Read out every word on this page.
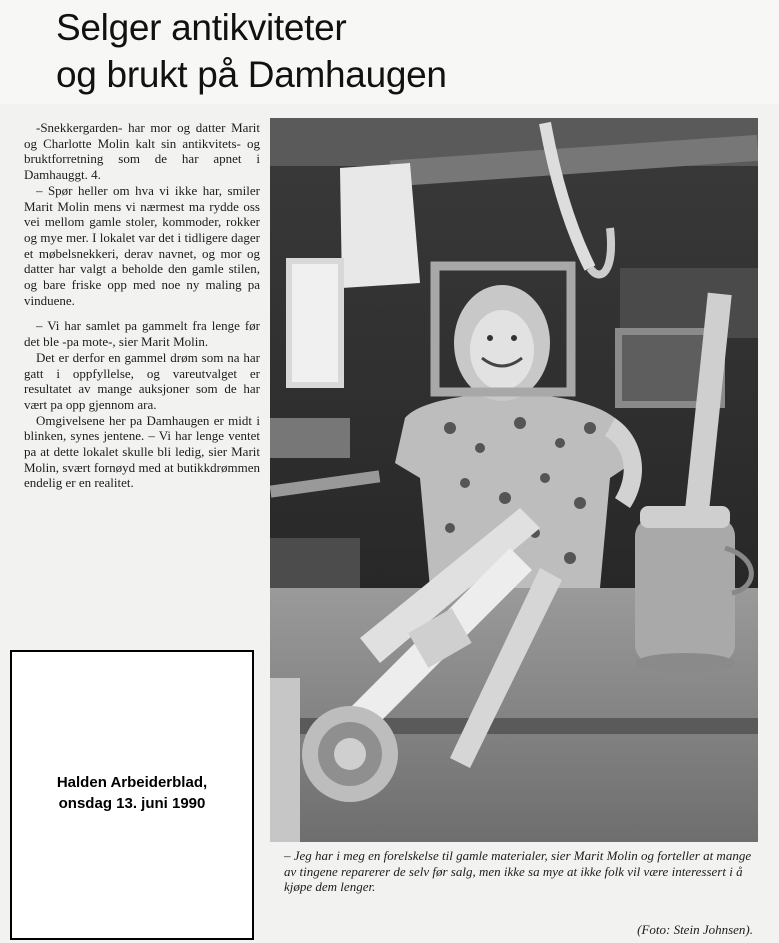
Selger antikviteter
og brukt på Damhaugen

-Snekkergarden- har mor og datter Marit og Charlotte Molin kalt sin antikvitets- og bruktforretning som de har apnet i Damhauggt. 4.

– Spør heller om hva vi ikke har, smiler Marit Molin mens vi nærmest ma rydde oss vei mellom gamle stoler, kommoder, rokker og mye mer. I lokalet var det i tidligere dager et møbelsnekkeri, derav navnet, og mor og datter har valgt a beholde den gamle stilen, og bare friske opp med noe ny maling pa vinduene.

– Vi har samlet pa gammelt fra lenge før det ble -pa mote-, sier Marit Molin.

Det er derfor en gammel drøm som na har gatt i oppfyllelse, og vareutvalget er resultatet av mange auksjoner som de har vært pa opp gjennom ara.

Omgivelsene her pa Damhaugen er midt i blinken, synes jentene. – Vi har lenge ventet pa at dette lokalet skulle bli ledig, sier Marit Molin, svært fornøyd med at butikkdrømmen endelig er en realitet.

– Jeg har i meg en forelskelse til gamle materialer, sier Marit Molin og forteller at mange av tingene reparerer de selv før salg, men ikke sa mye at ikke folk vil være interessert i å kjøpe dem lenger.
(Foto: Stein Johnsen).
Halden Arbeiderblad,
onsdag 13. juni 1990
